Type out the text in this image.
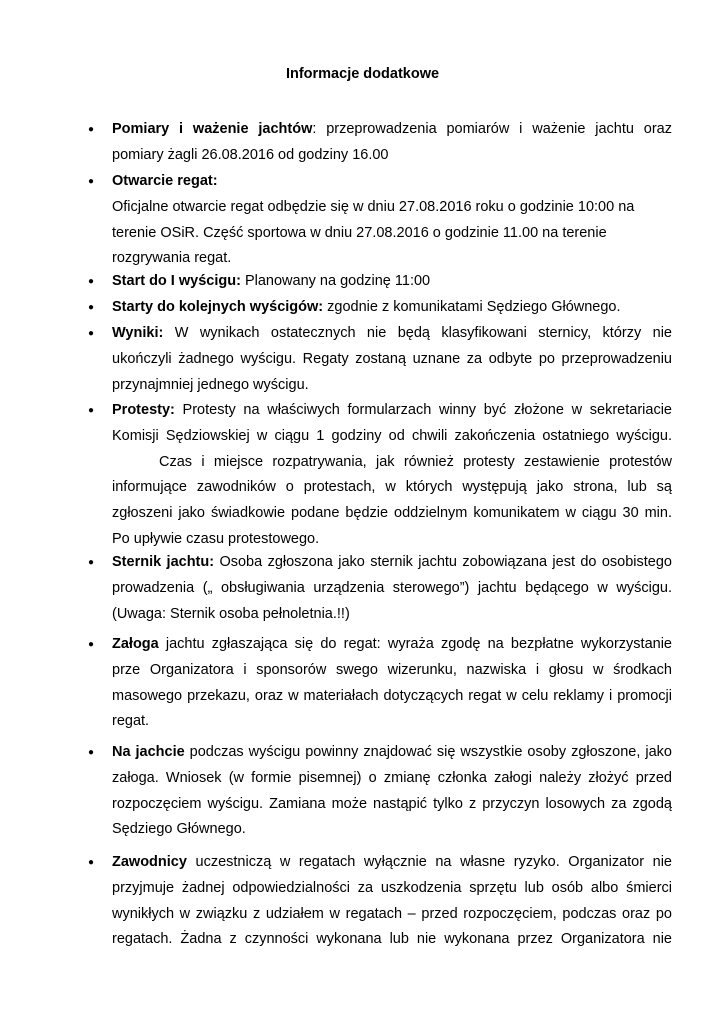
Informacje dodatkowe
● Pomiary i ważenie jachtów: przeprowadzenia pomiarów i ważenie jachtu oraz
pomiary żagli 26.08.2016 od godziny 16.00
● Otwarcie regat:
Oficjalne otwarcie regat odbędzie się w dniu 27.08.2016 roku o godzinie 10:00 na
terenie OSiR. Część sportowa w dniu 27.08.2016 o godzinie 11.00 na terenie
rozgrywania regat.
● Start do I wyścigu: Planowany na godzinę 11:00
● Starty do kolejnych wyścigów: zgodnie z komunikatami Sędziego Głównego.
● Wyniki: W wynikach ostatecznych nie będą klasyfikowani sternicy, którzy nie
ukończyli żadnego wyścigu. Regaty zostaną uznane za odbyte po przeprowadzeniu
przynajmniej jednego wyścigu.
● Protesty: Protesty na właściwych formularzach winny być złożone w sekretariacie
Komisji Sędziowskiej w ciągu 1 godziny od chwili zakończenia ostatniego wyścigu.
Czas i miejsce rozpatrywania, jak również protesty zestawienie protestów
informujące zawodników o protestach, w których występują jako strona, lub są
zgłoszeni jako świadkowie podane będzie oddzielnym komunikatem w ciągu 30 min.
Po upływie czasu protestowego.
● Sternik jachtu: Osoba zgłoszona jako sternik jachtu zobowiązana jest do osobistego
prowadzenia („ obsługiwania urządzenia sterowego”) jachtu będącego w wyścigu.
(Uwaga: Sternik osoba pełnoletnia.!!)
● Załoga jachtu zgłaszająca się do regat: wyraża zgodę na bezpłatne wykorzystanie
prze Organizatora i sponsorów swego wizerunku, nazwiska i głosu w środkach
masowego przekazu, oraz w materiałach dotyczących regat w celu reklamy i promocji
regat.
● Na jachcie podczas wyścigu powinny znajdować się wszystkie osoby zgłoszone, jako
załoga. Wniosek (w formie pisemnej) o zmianę członka załogi należy złożyć przed
rozpoczęciem wyścigu. Zamiana może nastąpić tylko z przyczyn losowych za zgodą
Sędziego Głównego.
● Zawodnicy uczestniczą w regatach wyłącznie na własne ryzyko. Organizator nie
przyjmuje żadnej odpowiedzialności za uszkodzenia sprzętu lub osób albo śmierci
wynikłych w związku z udziałem w regatach – przed rozpoczęciem, podczas oraz po
regatach. Żadna z czynności wykonana lub nie wykonana przez Organizatora nie
